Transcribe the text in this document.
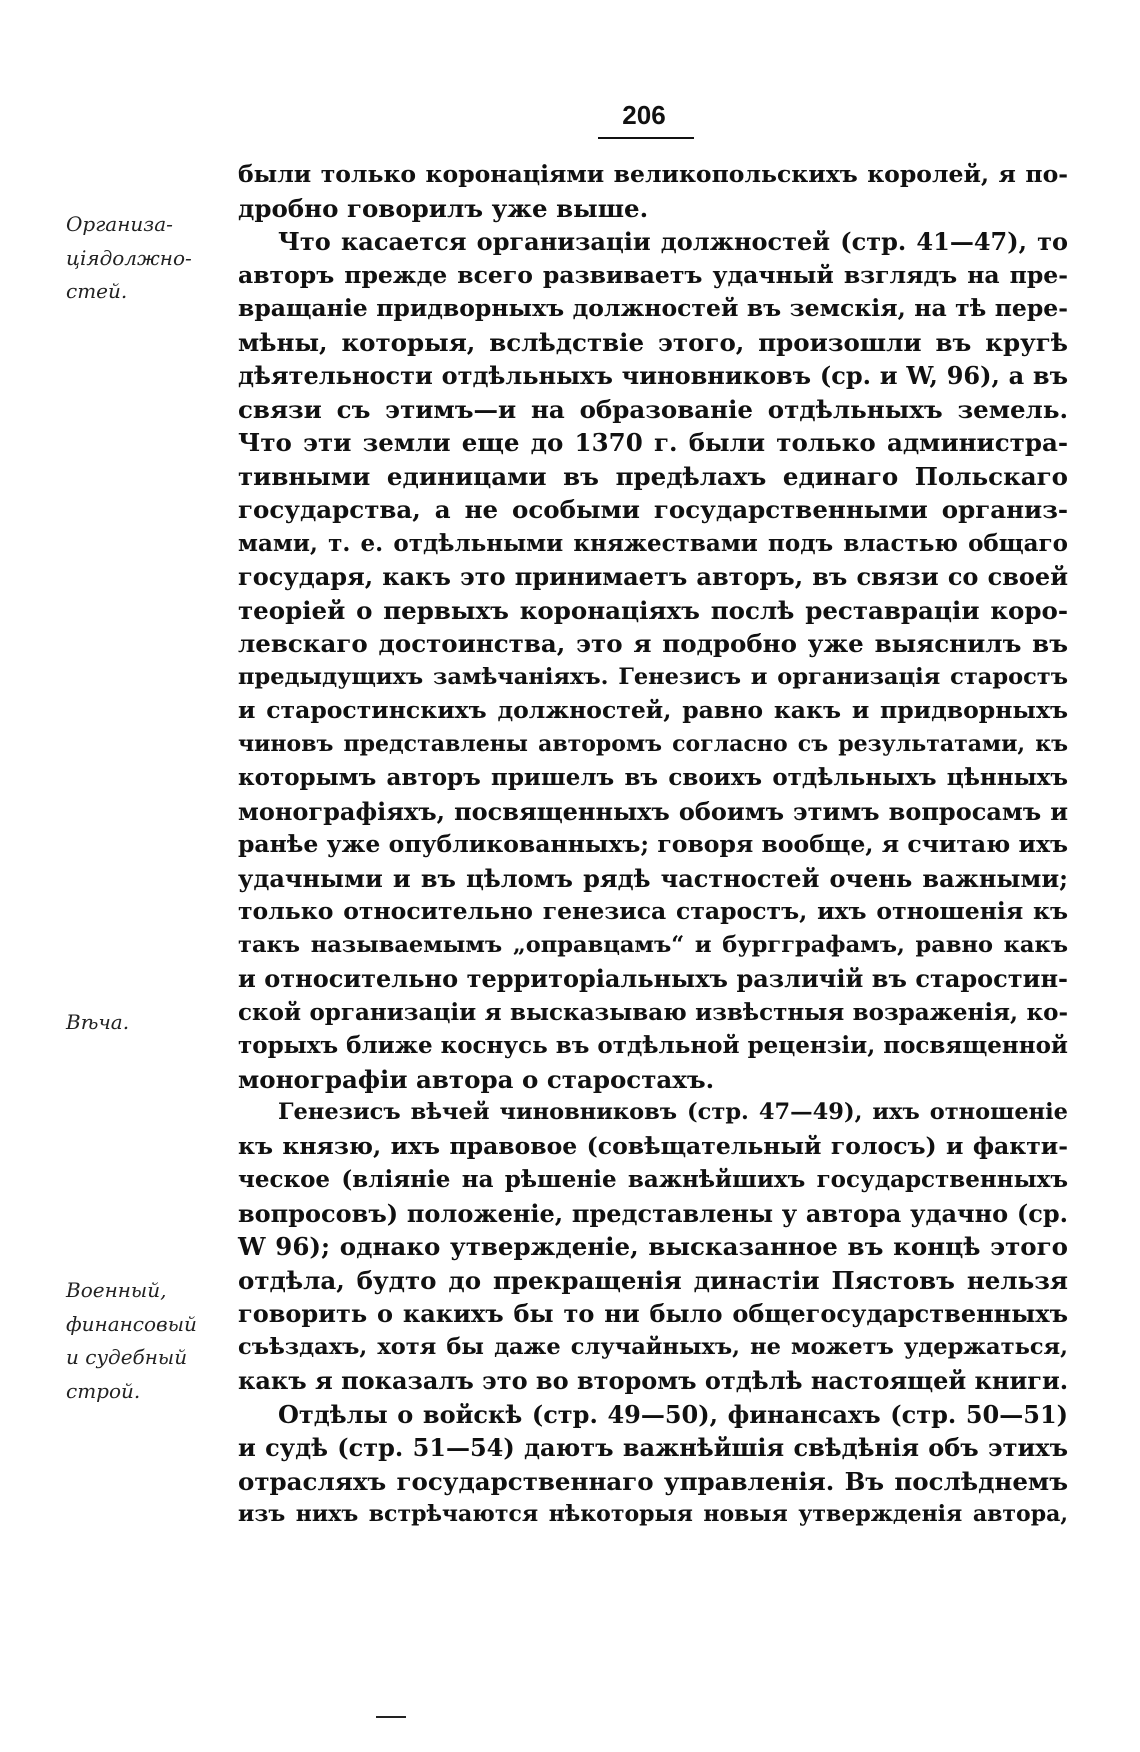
206
Организа-
ціядолжно-
стей.
Вѣча.
Военный,
финансовый
и судебный
строй.
были только коронаціями великопольскихъ королей, я по-
дробно говорилъ уже выше.
Что касается организаціи должностей (стр. 41—47), то
авторъ прежде всего развиваетъ удачный взглядъ на пре-
вращаніе придворныхъ должностей въ земскія, на тѣ пере-
мѣны, которыя, вслѣдствіе этого, произошли въ кругѣ
дѣятельности отдѣльныхъ чиновниковъ (ср. и W, 96), а въ
связи съ этимъ—и на образованіе отдѣльныхъ земель.
Что эти земли еще до 1370 г. были только администра-
тивными единицами въ предѣлахъ единаго Польскаго
государства, а не особыми государственными организ-
мами, т. е. отдѣльными княжествами подъ властью общаго
государя, какъ это принимаетъ авторъ, въ связи со своей
теоріей о первыхъ коронаціяхъ послѣ реставраціи коро-
левскаго достоинства, это я подробно уже выяснилъ въ
предыдущихъ замѣчаніяхъ. Генезисъ и организація старостъ
и старостинскихъ должностей, равно какъ и придворныхъ
чиновъ представлены авторомъ согласно съ результатами, къ
которымъ авторъ пришелъ въ своихъ отдѣльныхъ цѣнныхъ
монографіяхъ, посвященныхъ обоимъ этимъ вопросамъ и
ранѣе уже опубликованныхъ; говоря вообще, я считаю ихъ
удачными и въ цѣломъ рядѣ частностей очень важными;
только относительно генезиса старостъ, ихъ отношенія къ
такъ называемымъ „оправцамъ“ и бургграфамъ, равно какъ
и относительно территоріальныхъ различій въ старостин-
ской организаціи я высказываю извѣстныя возраженія, ко-
торыхъ ближе коснусь въ отдѣльной рецензіи, посвященной
монографіи автора о старостахъ.
Генезисъ вѣчей чиновниковъ (стр. 47—49), ихъ отношеніе
къ князю, ихъ правовое (совѣщательный голосъ) и факти-
ческое (вліяніе на рѣшеніе важнѣйшихъ государственныхъ
вопросовъ) положеніе, представлены у автора удачно (ср.
W 96); однако утвержденіе, высказанное въ концѣ этого
отдѣла, будто до прекращенія династіи Пястовъ нельзя
говорить о какихъ бы то ни было общегосударственныхъ
съѣздахъ, хотя бы даже случайныхъ, не можетъ удержаться,
какъ я показалъ это во второмъ отдѣлѣ настоящей книги.
Отдѣлы о войскѣ (стр. 49—50), финансахъ (стр. 50—51)
и судѣ (стр. 51—54) даютъ важнѣйшія свѣдѣнія объ этихъ
отрасляхъ государственнаго управленія. Въ послѣднемъ
изъ нихъ встрѣчаются нѣкоторыя новыя утвержденія автора,
